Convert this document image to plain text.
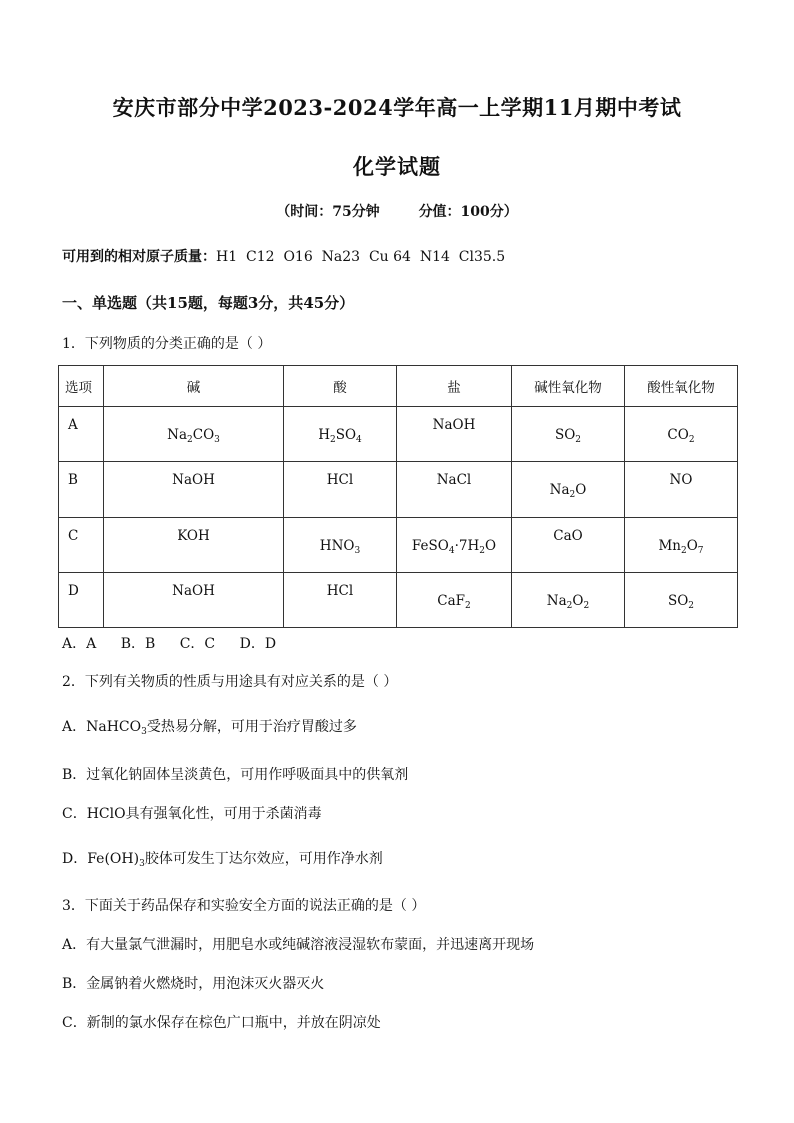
安庆市部分中学2023-2024学年高一上学期11月期中考试
化学试题
（时间：75分钟	分值：100分）
可用到的相对原子质量：H1  C12  O16  Na23  Cu 64  N14  Cl35.5
一、单选题（共15题，每题3分，共45分）
1．下列物质的分类正确的是（ ）
选项	碱	酸	盐	碱性氧化物	酸性氧化物
A	$Na_2CO_3$	$H_2SO_4$	NaOH	$SO_2$	$CO_2$
B	NaOH	HCl	NaCl	$Na_2O$	NO
C	KOH	$HNO_3$	$FeSO_4\cdot 7H_2O$	CaO	$Mn_2O_7$
D	NaOH	HCl	CaF$_2$	$Na_2O_2$	$SO_2$
A．A B．B C．C D．D
2．下列有关物质的性质与用途具有对应关系的是（ ）
A．NaHCO$_3$受热易分解，可用于治疗胃酸过多
B．过氧化钠固体呈淡黄色，可用作呼吸面具中的供氧剂
C．HClO具有强氧化性，可用于杀菌消毒
D．$Fe(OH)_3$胶体可发生丁达尔效应，可用作净水剂
3．下面关于药品保存和实验安全方面的说法正确的是（ ）
A．有大量氯气泄漏时，用肥皂水或纯碱溶液浸湿软布蒙面，并迅速离开现场
B．金属钠着火燃烧时，用泡沫灭火器灭火
C．新制的氯水保存在棕色广口瓶中，并放在阴凉处
